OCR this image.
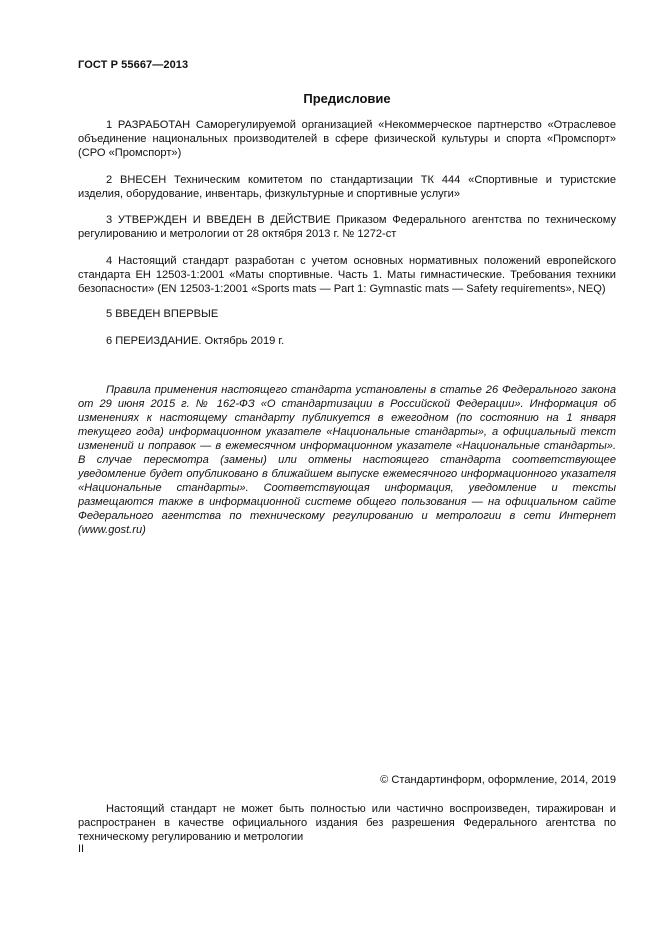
ГОСТ Р 55667—2013
Предисловие

1 РАЗРАБОТАН Саморегулируемой организацией «Некоммерческое партнерство «Отраслевое объединение национальных производителей в сфере физической культуры и спорта «Промспорт» (СРО «Промспорт»)

2 ВНЕСЕН Техническим комитетом по стандартизации ТК 444 «Спортивные и туристские изделия, оборудование, инвентарь, физкультурные и спортивные услуги»

3 УТВЕРЖДЕН И ВВЕДЕН В ДЕЙСТВИЕ Приказом Федерального агентства по техническому регулированию и метрологии от 28 октября 2013 г. № 1272-ст

4 Настоящий стандарт разработан с учетом основных нормативных положений европейского стандарта ЕН 12503-1:2001 «Маты спортивные. Часть 1. Маты гимнастические. Требования техники безопасности» (EN 12503-1:2001 «Sports mats — Part 1: Gymnastic mats — Safety requirements», NEQ)

5 ВВЕДЕН ВПЕРВЫЕ

6 ПЕРЕИЗДАНИЕ. Октябрь 2019 г.

Правила применения настоящего стандарта установлены в статье 26 Федерального закона от 29 июня 2015 г. № 162-ФЗ «О стандартизации в Российской Федерации». Информация об изменениях к настоящему стандарту публикуется в ежегодном (по состоянию на 1 января текущего года) информационном указателе «Национальные стандарты», а официальный текст изменений и поправок — в ежемесячном информационном указателе «Национальные стандарты». В случае пересмотра (замены) или отмены настоящего стандарта соответствующее уведомление будет опубликовано в ближайшем выпуске ежемесячного информационного указателя «Национальные стандарты». Соответствующая информация, уведомление и тексты размещаются также в информационной системе общего пользования — на официальном сайте Федерального агентства по техническому регулированию и метрологии в сети Интернет (www.gost.ru)

© Стандартинформ, оформление, 2014, 2019

Настоящий стандарт не может быть полностью или частично воспроизведен, тиражирован и распространен в качестве официального издания без разрешения Федерального агентства по техническому регулированию и метрологии

II
